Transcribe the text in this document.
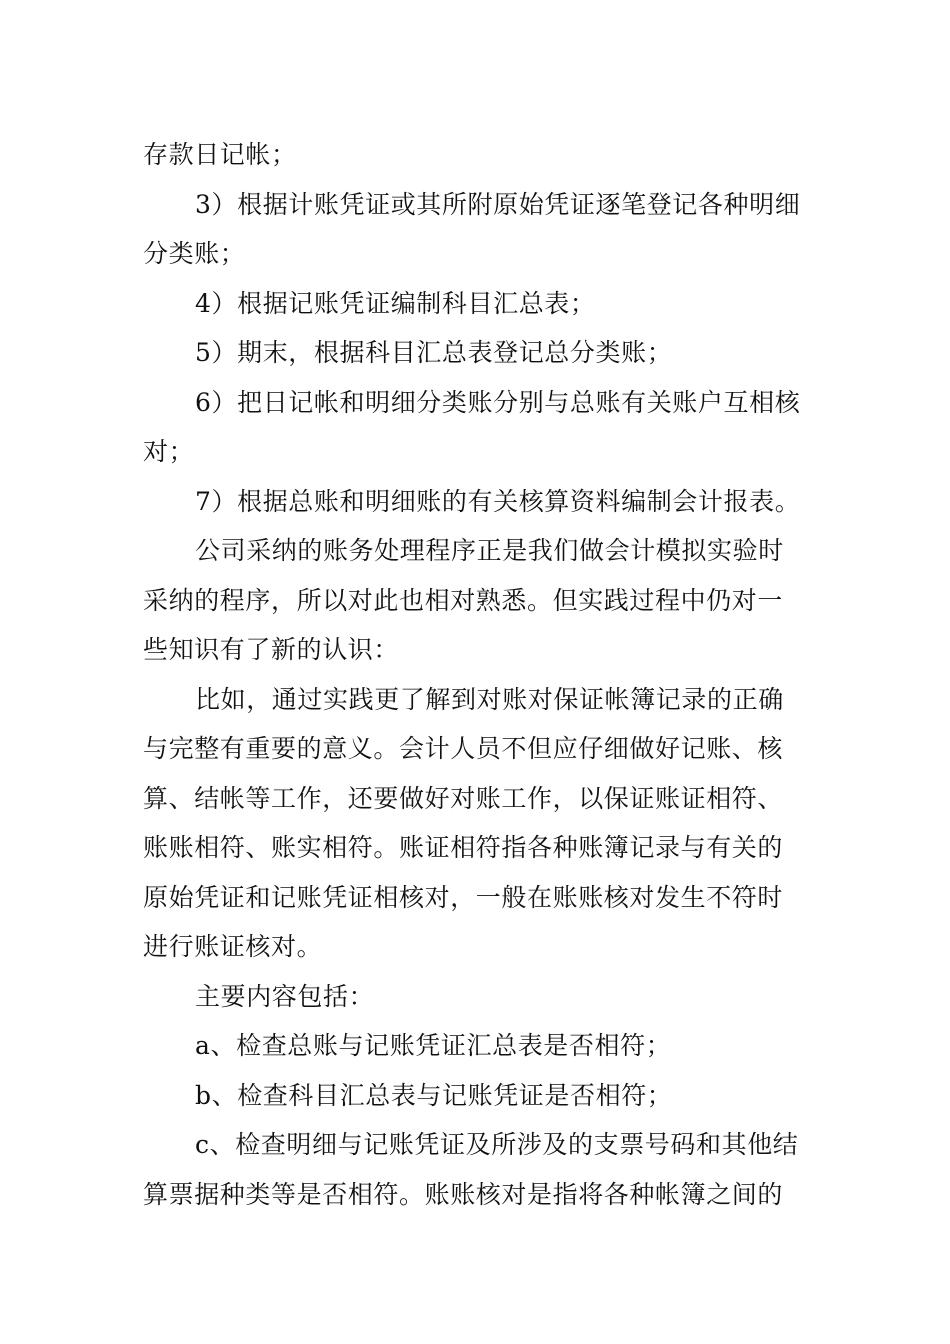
存款日记帐；
3）根据计账凭证或其所附原始凭证逐笔登记各种明细
分类账；
4）根据记账凭证编制科目汇总表；
5）期末，根据科目汇总表登记总分类账；
6）把日记帐和明细分类账分别与总账有关账户互相核
对；
7）根据总账和明细账的有关核算资料编制会计报表。
公司采纳的账务处理程序正是我们做会计模拟实验时
采纳的程序，所以对此也相对熟悉。但实践过程中仍对一
些知识有了新的认识：
比如，通过实践更了解到对账对保证帐簿记录的正确
与完整有重要的意义。会计人员不但应仔细做好记账、核
算、结帐等工作，还要做好对账工作，以保证账证相符、
账账相符、账实相符。账证相符指各种账簿记录与有关的
原始凭证和记账凭证相核对，一般在账账核对发生不符时
进行账证核对。
主要内容包括：
a、检查总账与记账凭证汇总表是否相符；
b、检查科目汇总表与记账凭证是否相符；
c、检查明细与记账凭证及所涉及的支票号码和其他结
算票据种类等是否相符。账账核对是指将各种帐簿之间的
